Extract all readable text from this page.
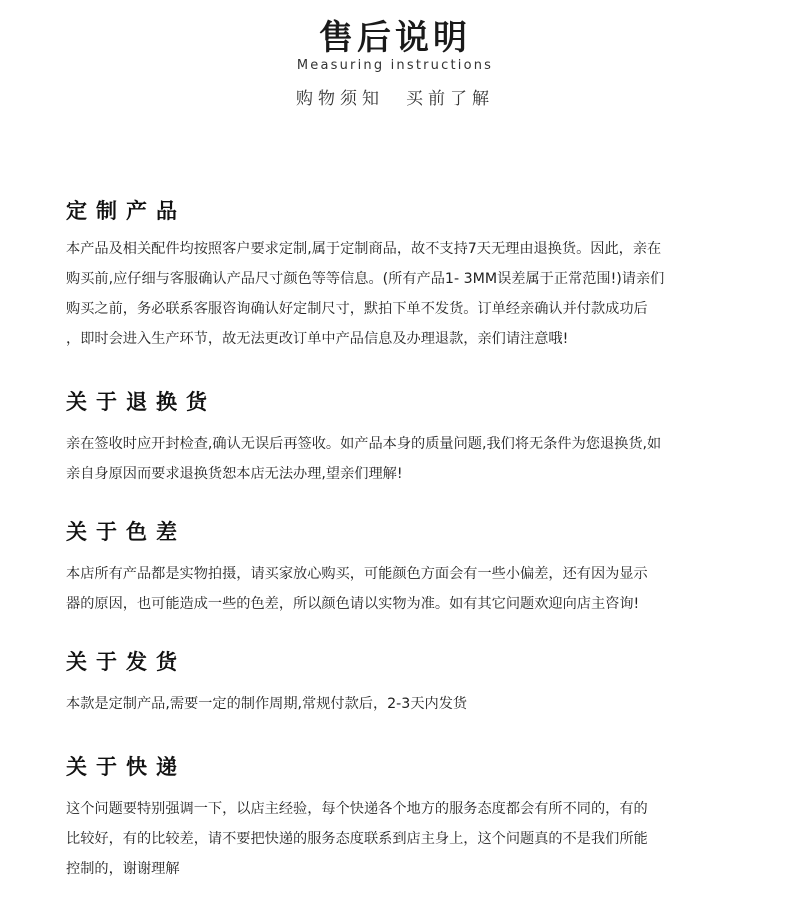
售后说明
Measuring instructions
购物须知 买前了解
定制产品

本产品及相关配件均按照客户要求定制,属于定制商品，故不支持7天无理由退换货。因此，亲在

购买前,应仔细与客服确认产品尺寸颜色等等信息。(所有产品1- 3MM误差属于正常范围!)请亲们

购买之前，务必联系客服咨询确认好定制尺寸，默拍下单不发货。订单经亲确认并付款成功后

，即时会进入生产环节，故无法更改订单中产品信息及办理退款，亲们请注意哦!

关于退换货

亲在签收时应开封检查,确认无误后再签收。如产品本身的质量问题,我们将无条件为您退换货,如

亲自身原因而要求退换货恕本店无法办理,望亲们理解!

关于色差

本店所有产品都是实物拍摄，请买家放心购买，可能颜色方面会有一些小偏差，还有因为显示

器的原因，也可能造成一些的色差，所以颜色请以实物为准。如有其它问题欢迎向店主咨询!

关于发货

本款是定制产品,需要一定的制作周期,常规付款后，2-3天内发货

关于快递

这个问题要特别强调一下，以店主经验，每个快递各个地方的服务态度都会有所不同的，有的

比较好，有的比较差，请不要把快递的服务态度联系到店主身上，这个问题真的不是我们所能

控制的，谢谢理解
